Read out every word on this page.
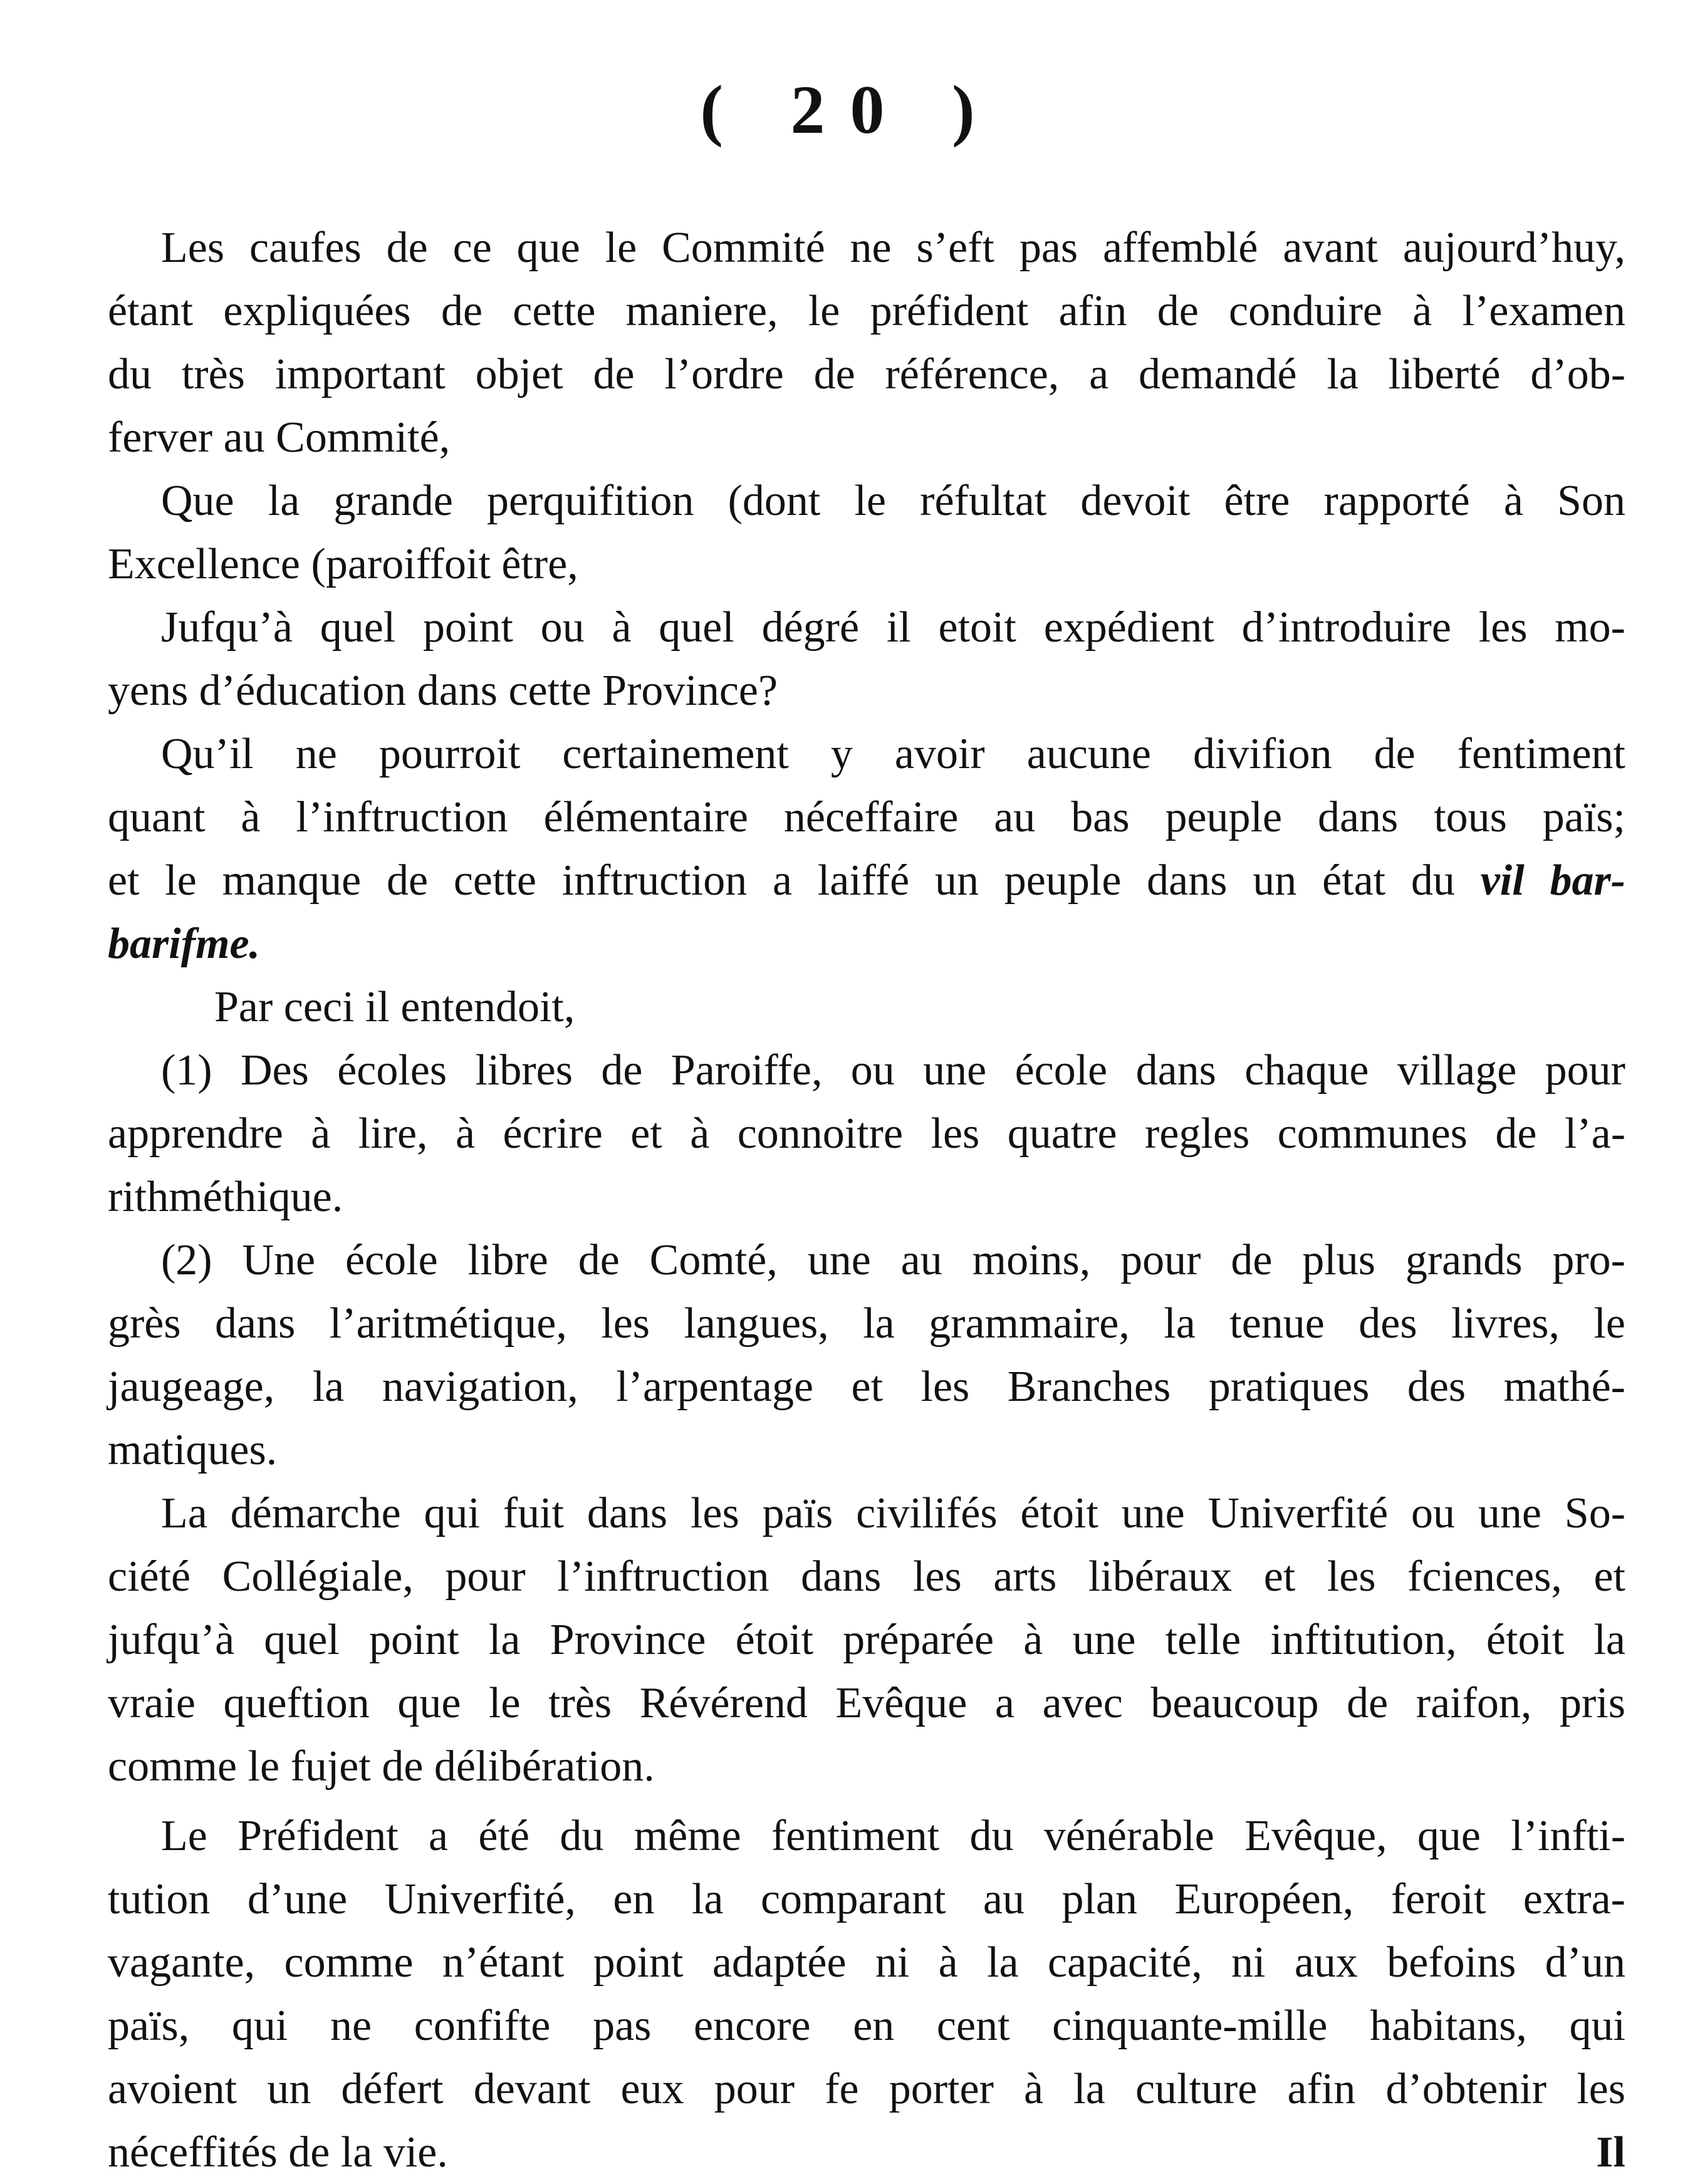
( 20 )
Les caufes de ce que le Commité ne s’eft pas affemblé avant aujourd’huy,
étant expliquées de cette maniere, le préfident afin de conduire à l’examen
du très important objet de l’ordre de référence, a demandé la liberté d’ob-
ferver au Commité,
Que la grande perquifition (dont le réfultat devoit être rapporté à Son
Excellence (paroiffoit être,
Jufqu’à quel point ou à quel dégré il etoit expédient d’introduire les mo-
yens d’éducation dans cette Province?
Qu’il ne pourroit certainement y avoir aucune divifion de fentiment
quant à l’inftruction élémentaire néceffaire au bas peuple dans tous païs;
et le manque de cette inftruction a laiffé un peuple dans un état du vil bar-
barifme.
Par ceci il entendoit,
(1) Des écoles libres de Paroiffe, ou une école dans chaque village pour
apprendre à lire, à écrire et à connoitre les quatre regles communes de l’a-
rithméthique.
(2) Une école libre de Comté, une au moins, pour de plus grands pro-
grès dans l’aritmétique, les langues, la grammaire, la tenue des livres, le
jaugeage, la navigation, l’arpentage et les Branches pratiques des mathé-
matiques.
La démarche qui fuit dans les païs civilifés étoit une Univerfité ou une So-
ciété Collégiale, pour l’inftruction dans les arts libéraux et les fciences, et
jufqu’à quel point la Province étoit préparée à une telle inftitution, étoit la
vraie queftion que le très Révérend Evêque a avec beaucoup de raifon, pris
comme le fujet de délibération.
Le Préfident a été du même fentiment du vénérable Evêque, que l’infti-
tution d’une Univerfité, en la comparant au plan Européen, feroit extra-
vagante, comme n’étant point adaptée ni à la capacité, ni aux befoins d’un
païs, qui ne confifte pas encore en cent cinquante-mille habitans, qui
avoient un défert devant eux pour fe porter à la culture afin d’obtenir les
néceffités de la vie.	Il
